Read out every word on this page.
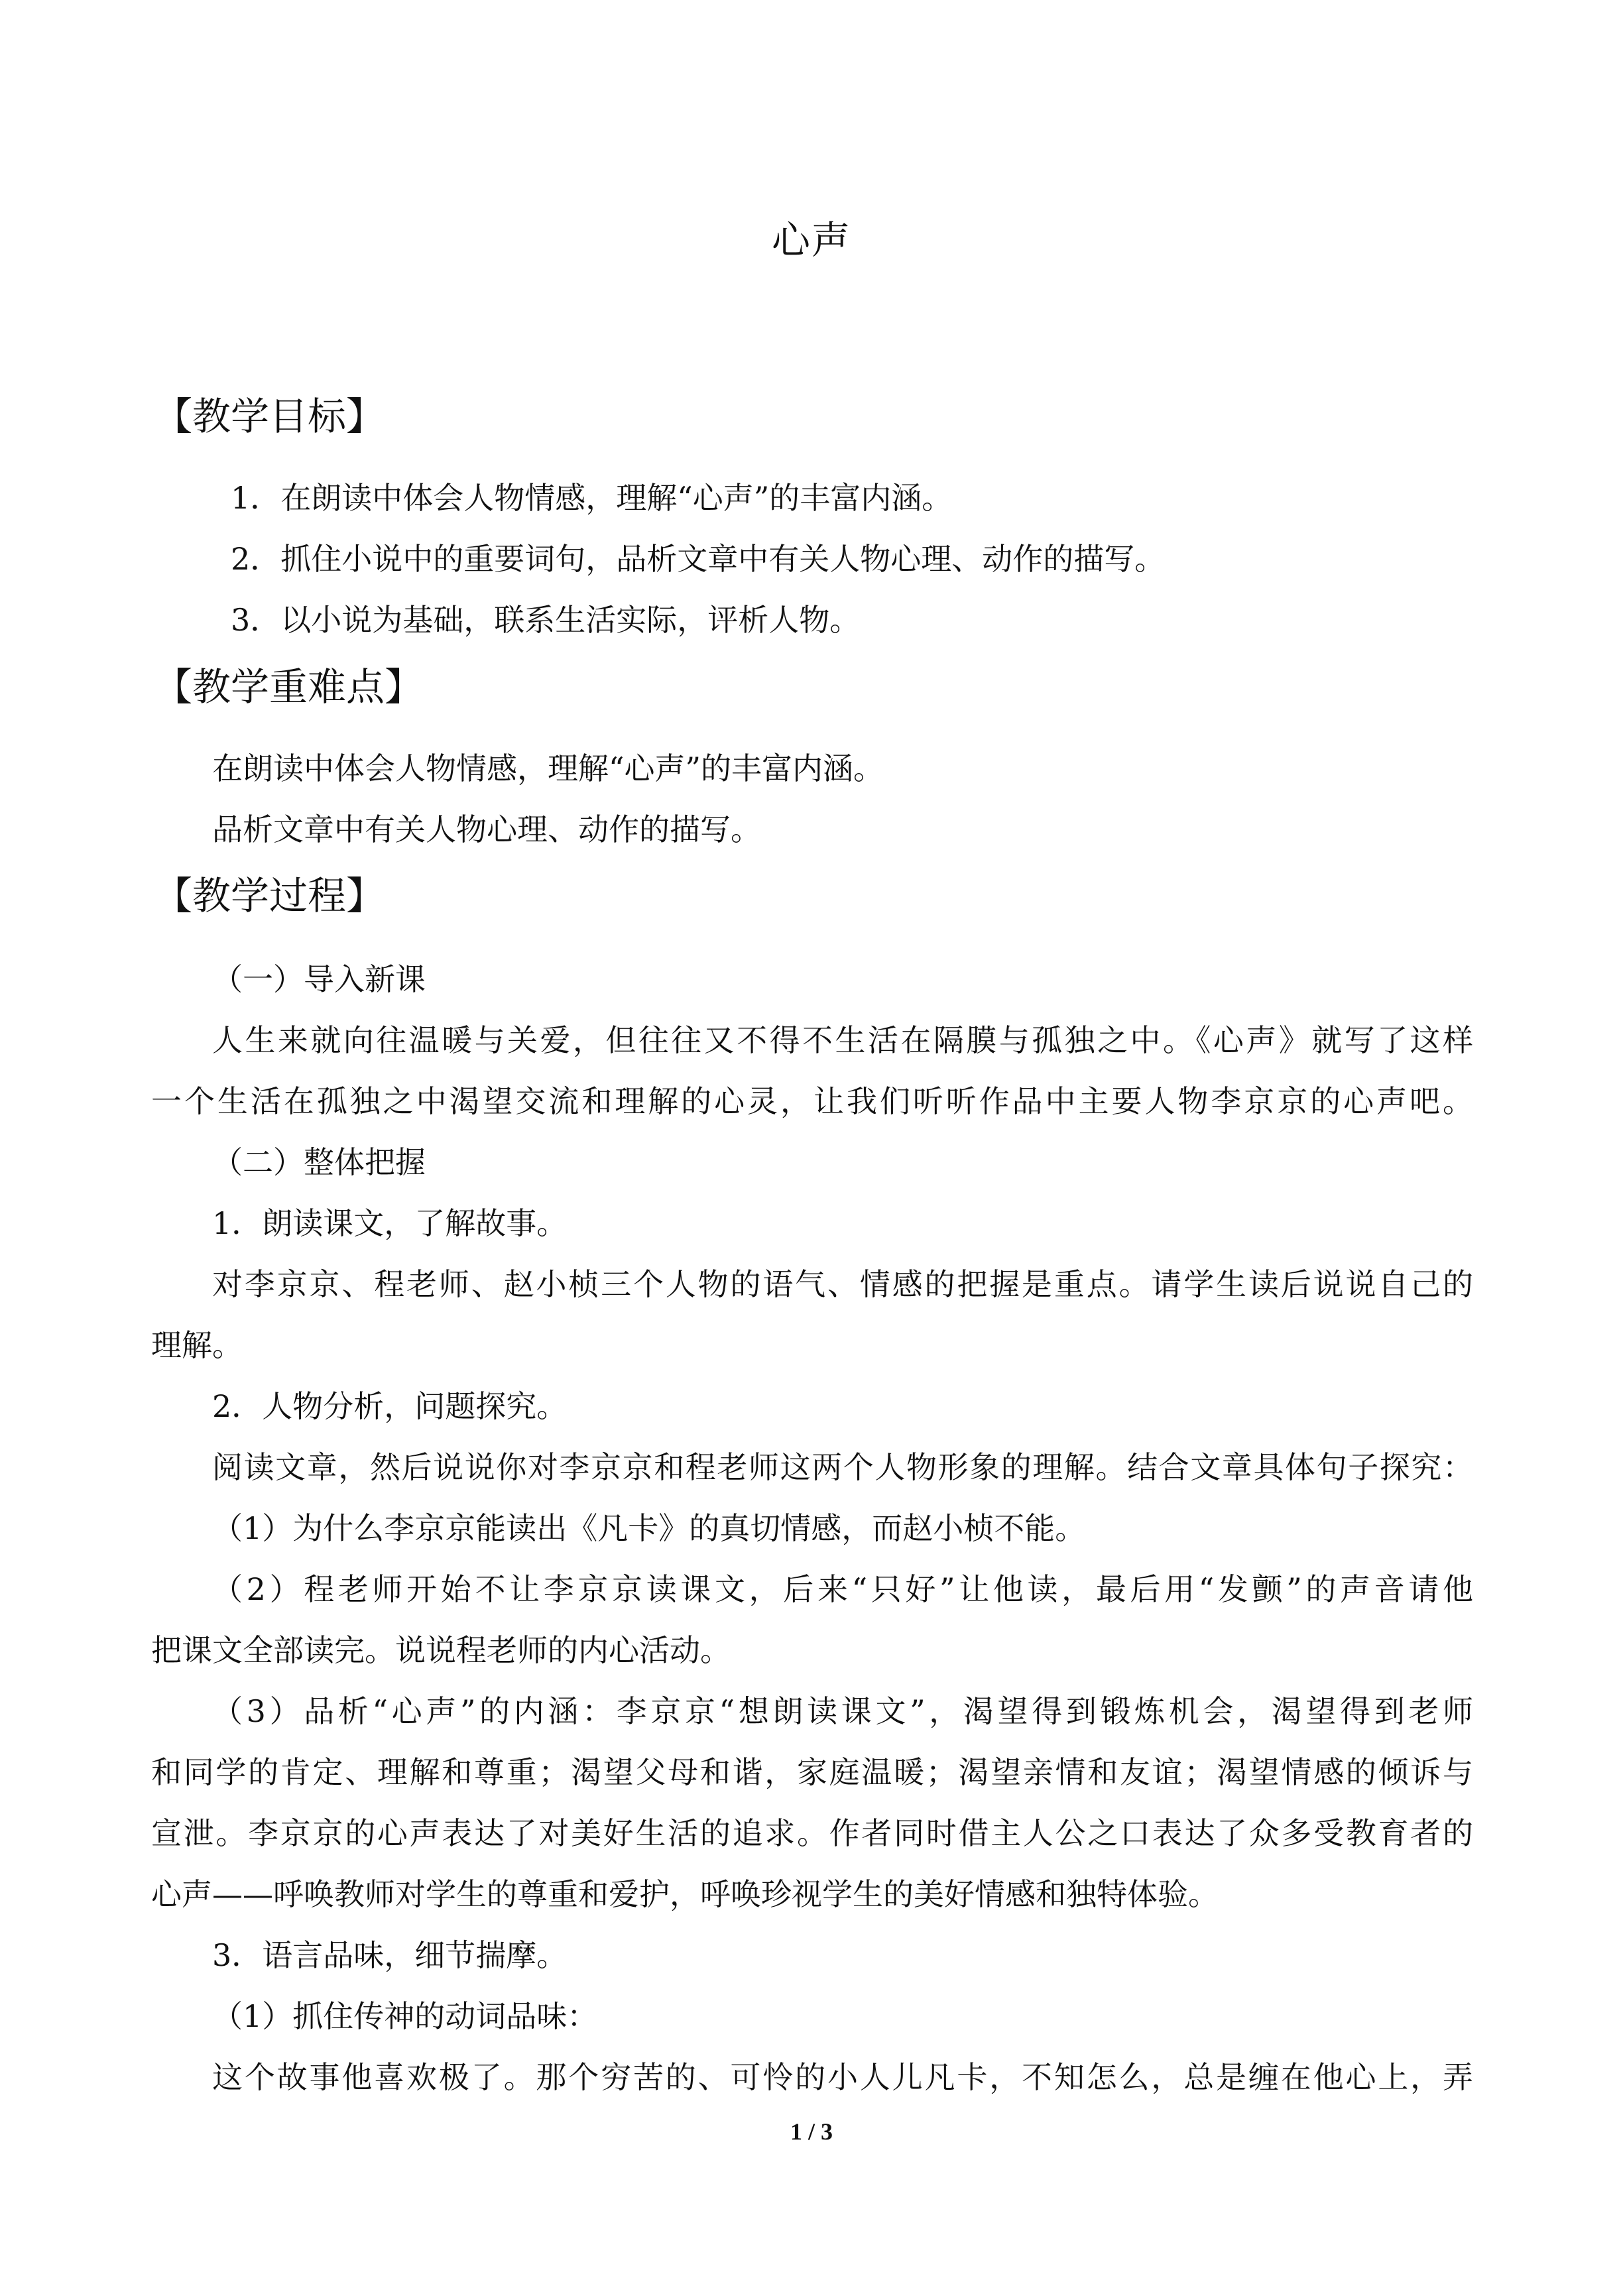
心声
【教学目标】
1．在朗读中体会人物情感，理解“心声”的丰富内涵。
2．抓住小说中的重要词句，品析文章中有关人物心理、动作的描写。
3．以小说为基础，联系生活实际，评析人物。
【教学重难点】
在朗读中体会人物情感，理解“心声”的丰富内涵。
品析文章中有关人物心理、动作的描写。
【教学过程】
（一）导入新课
人生来就向往温暖与关爱，但往往又不得不生活在隔膜与孤独之中。《心声》就写了这样
一个生活在孤独之中渴望交流和理解的心灵，让我们听听作品中主要人物李京京的心声吧。
（二）整体把握
1．朗读课文，了解故事。
对李京京、程老师、赵小桢三个人物的语气、情感的把握是重点。请学生读后说说自己的
理解。
2．人物分析，问题探究。
阅读文章，然后说说你对李京京和程老师这两个人物形象的理解。结合文章具体句子探究：
（1）为什么李京京能读出《凡卡》的真切情感，而赵小桢不能。
（2）程老师开始不让李京京读课文，后来“只好”让他读，最后用“发颤”的声音请他
把课文全部读完。说说程老师的内心活动。
（3）品析“心声”的内涵：李京京“想朗读课文”，渴望得到锻炼机会，渴望得到老师
和同学的肯定、理解和尊重；渴望父母和谐，家庭温暖；渴望亲情和友谊；渴望情感的倾诉与
宣泄。李京京的心声表达了对美好生活的追求。作者同时借主人公之口表达了众多受教育者的
心声——呼唤教师对学生的尊重和爱护，呼唤珍视学生的美好情感和独特体验。
3．语言品味，细节揣摩。
（1）抓住传神的动词品味：
这个故事他喜欢极了。那个穷苦的、可怜的小人儿凡卡，不知怎么，总是缠在他心上，弄
1 / 3
